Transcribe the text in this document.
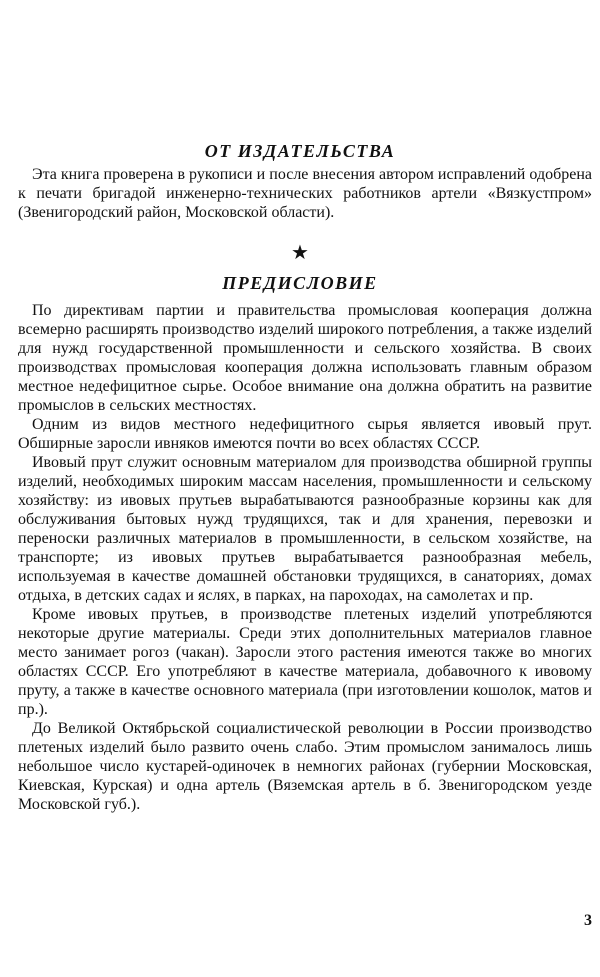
ОТ ИЗДАТЕЛЬСТВА

Эта книга проверена в рукописи и после внесения автором исправлений одобрена к печати бригадой инженерно-технических работников артели «Вязкустпром» (Звенигородский район, Московской области).

★
ПРЕДИСЛОВИЕ

По директивам партии и правительства промысловая кооперация должна всемерно расширять производство изделий широкого потребления, а также изделий для нужд государственной промышленности и сельского хозяйства. В своих производствах промысловая кооперация должна использовать главным образом местное недефицитное сырье. Особое внимание она должна обратить на развитие промыслов в сельских местностях.

Одним из видов местного недефицитного сырья является ивовый прут. Обширные заросли ивняков имеются почти во всех областях СССР.

Ивовый прут служит основным материалом для производства обширной группы изделий, необходимых широким массам населения, промышленности и сельскому хозяйству: из ивовых прутьев вырабатываются разнообразные корзины как для обслуживания бытовых нужд трудящихся, так и для хранения, перевозки и переноски различных материалов в промышленности, в сельском хозяйстве, на транспорте; из ивовых прутьев вырабатывается разнообразная мебель, используемая в качестве домашней обстановки трудящихся, в санаториях, домах отдыха, в детских садах и яслях, в парках, на пароходах, на самолетах и пр.

Кроме ивовых прутьев, в производстве плетеных изделий употребляются некоторые другие материалы. Среди этих дополнительных материалов главное место занимает рогоз (чакан). Заросли этого растения имеются также во многих областях СССР. Его употребляют в качестве материала, добавочного к ивовому пруту, а также в качестве основного материала (при изготовлении кошолок, матов и пр.).

До Великой Октябрьской социалистической революции в России производство плетеных изделий было развито очень слабо. Этим промыслом занималось лишь небольшое число кустарей-одиночек в немногих районах (губернии Московская, Киевская, Курская) и одна артель (Вяземская артель в б. Звенигородском уезде Московской губ.).

3
